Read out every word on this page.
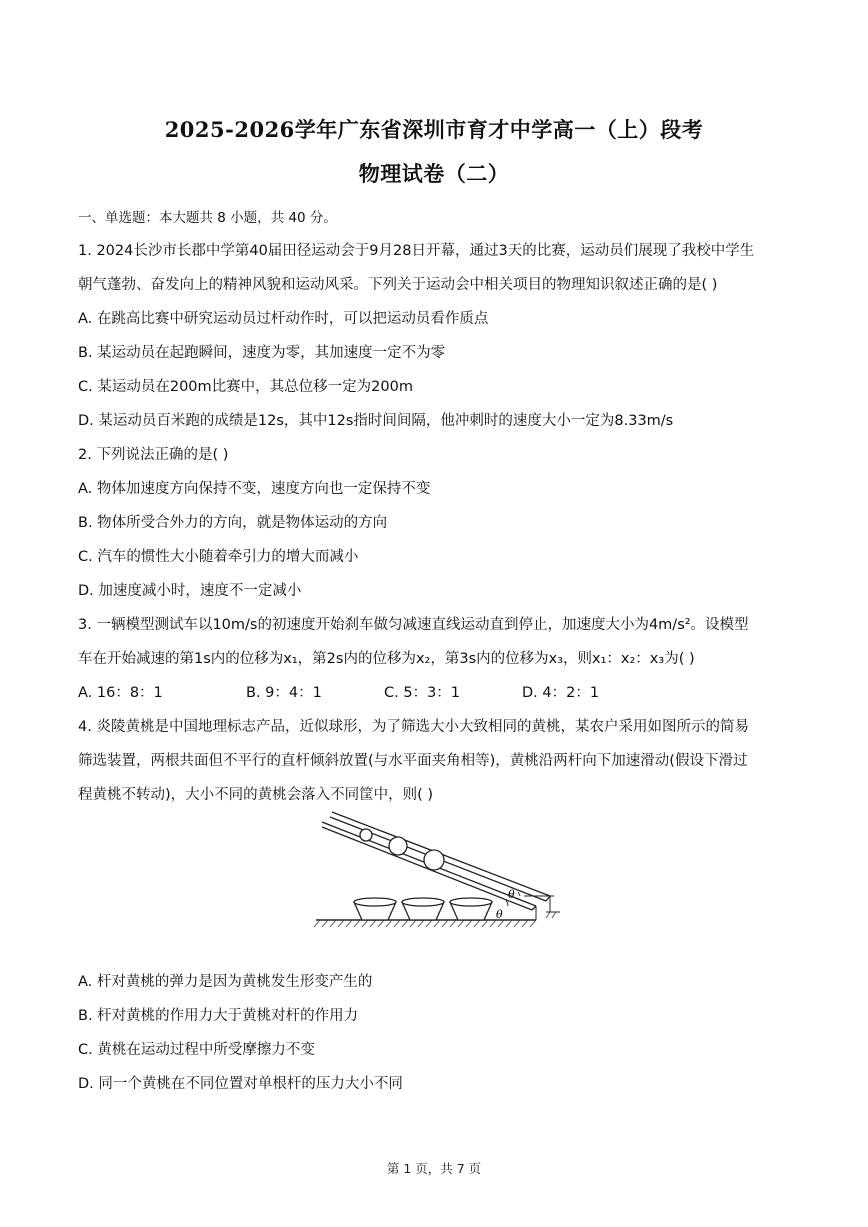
2025-2026学年广东省深圳市育才中学高一（上）段考
物理试卷（二）
一、单选题：本大题共 8 小题，共 40 分。
1. 2024长沙市长郡中学第40届田径运动会于9月28日开幕，通过3天的比赛，运动员们展现了我校中学生
朝气蓬勃、奋发向上的精神风貌和运动风采。下列关于运动会中相关项目的物理知识叙述正确的是( )
A. 在跳高比赛中研究运动员过杆动作时，可以把运动员看作质点
B. 某运动员在起跑瞬间，速度为零，其加速度一定不为零
C. 某运动员在200m比赛中，其总位移一定为200m
D. 某运动员百米跑的成绩是12s，其中12s指时间间隔，他冲刺时的速度大小一定为8.33m/s
2. 下列说法正确的是( )
A. 物体加速度方向保持不变，速度方向也一定保持不变
B. 物体所受合外力的方向，就是物体运动的方向
C. 汽车的惯性大小随着牵引力的增大而减小
D. 加速度减小时，速度不一定减小
3. 一辆模型测试车以10m/s的初速度开始刹车做匀减速直线运动直到停止，加速度大小为4m/s²。设模型
车在开始减速的第1s内的位移为x₁，第2s内的位移为x₂，第3s内的位移为x₃，则x₁：x₂：x₃为( )
A. 16：8：1	B. 9：4：1	C. 5：3：1	D. 4：2：1
4. 炎陵黄桃是中国地理标志产品，近似球形，为了筛选大小大致相同的黄桃，某农户采用如图所示的简易
筛选装置，两根共面但不平行的直杆倾斜放置(与水平面夹角相等)，黄桃沿两杆向下加速滑动(假设下滑过
程黄桃不转动)，大小不同的黄桃会落入不同筐中，则( )
θ
θ
A. 杆对黄桃的弹力是因为黄桃发生形变产生的
B. 杆对黄桃的作用力大于黄桃对杆的作用力
C. 黄桃在运动过程中所受摩擦力不变
D. 同一个黄桃在不同位置对单根杆的压力大小不同
第 1 页，共 7 页
